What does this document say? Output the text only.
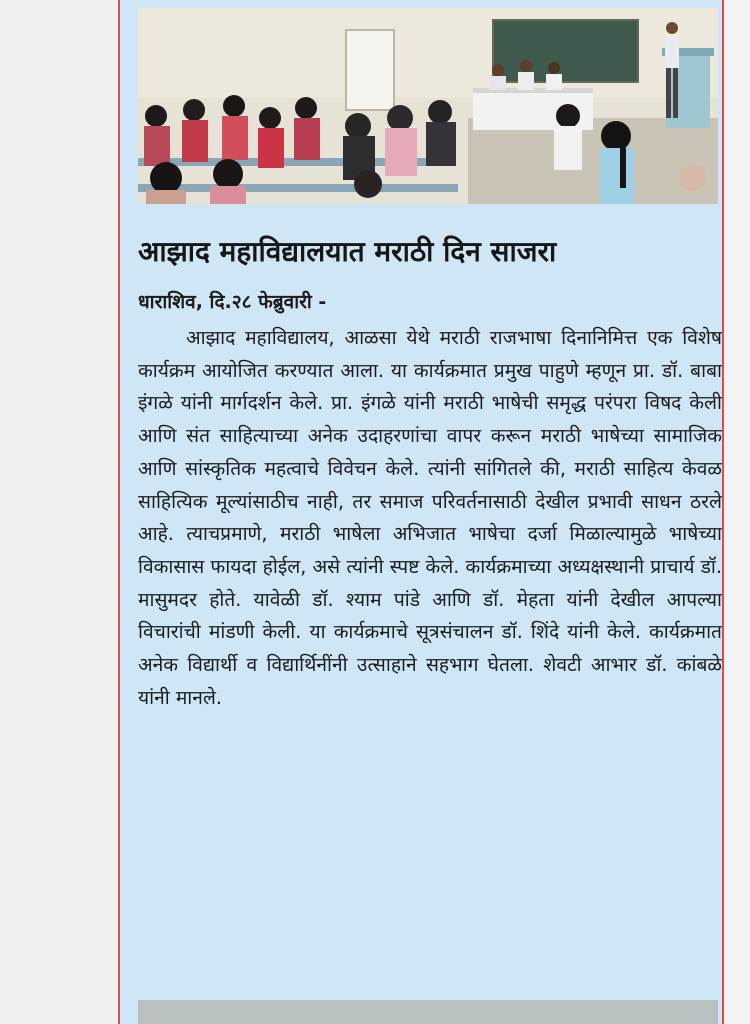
आझाद महाविद्यालयात मराठी दिन साजरा

धाराशिव, दि.२८ फेब्रुवारी -

आझाद महाविद्यालय, आळसा येथे मराठी राजभाषा दिनानिमित्त एक विशेष कार्यक्रम आयोजित करण्यात आला. या कार्यक्रमात प्रमुख पाहुणे म्हणून प्रा. डॉ. बाबा इंगळे यांनी मार्गदर्शन केले. प्रा. इंगळे यांनी मराठी भाषेची समृद्ध परंपरा विषद केली आणि संत साहित्याच्या अनेक उदाहरणांचा वापर करून मराठी भाषेच्या सामाजिक आणि सांस्कृतिक महत्वाचे विवेचन केले. त्यांनी सांगितले की, मराठी साहित्य केवळ साहित्यिक मूल्यांसाठीच नाही, तर समाज परिवर्तनासाठी देखील प्रभावी साधन ठरले आहे. त्याचप्रमाणे, मराठी भाषेला अभिजात भाषेचा दर्जा मिळाल्यामुळे भाषेच्या विकासास फायदा होईल, असे त्यांनी स्पष्ट केले. कार्यक्रमाच्या अध्यक्षस्थानी प्राचार्य डॉ. मासुमदर होते. यावेळी डॉ. श्याम पांडे आणि डॉ. मेहता यांनी देखील आपल्या विचारांची मांडणी केली. या कार्यक्रमाचे सूत्रसंचालन डॉ. शिंदे यांनी केले. कार्यक्रमात अनेक विद्यार्थी व विद्यार्थिनींनी उत्साहाने सहभाग घेतला. शेवटी आभार डॉ. कांबळे यांनी मानले.
